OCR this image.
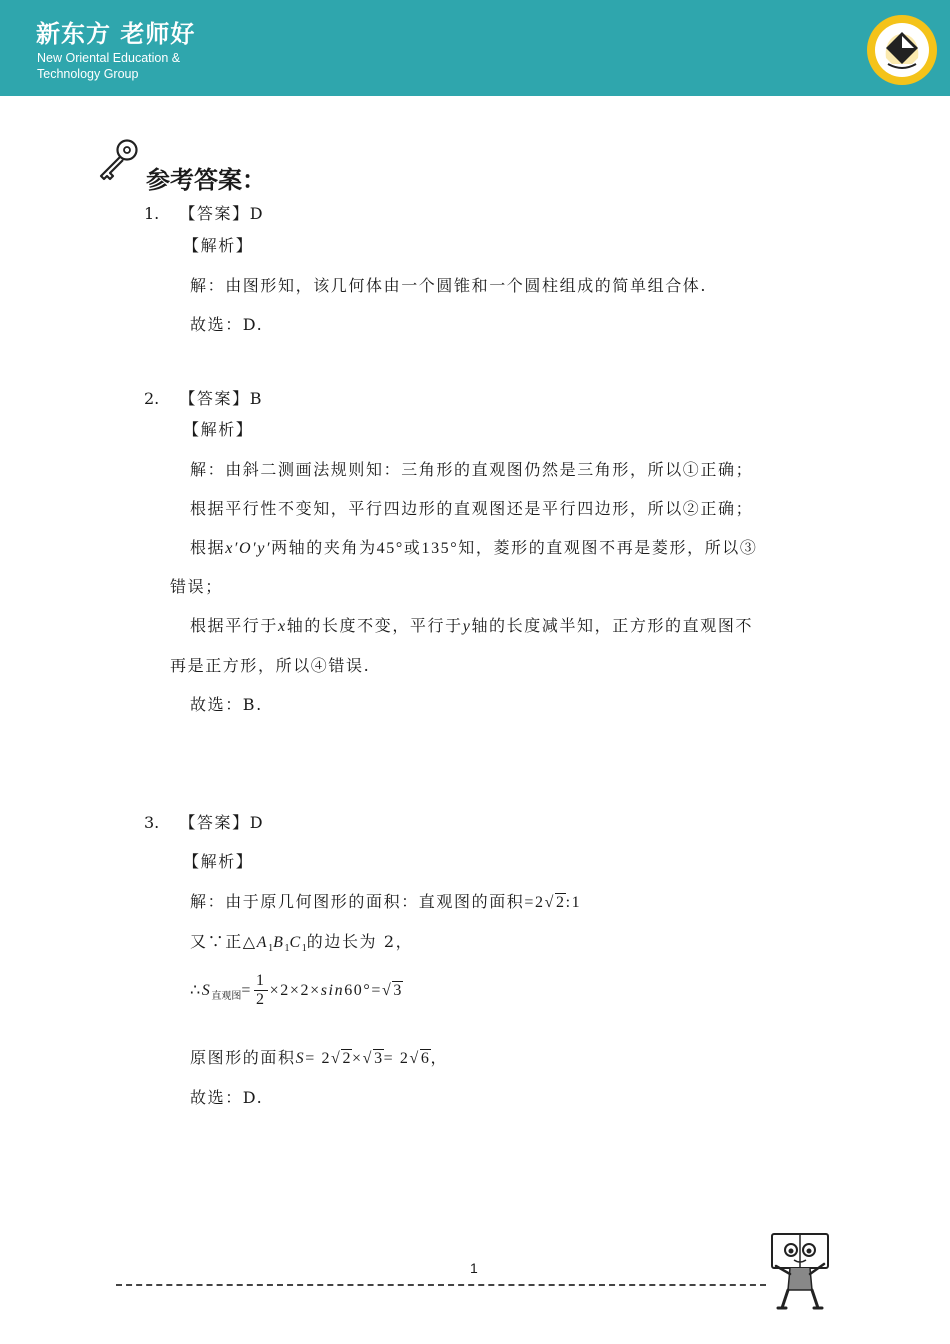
新东方 老师好
New Oriental Education &
Technology Group
参考答案：
1. 【答案】D
【解析】
解：由图形知，该几何体由一个圆锥和一个圆柱组成的简单组合体.
故选：D.
2. 【答案】B
【解析】
解：由斜二测画法规则知：三角形的直观图仍然是三角形，所以①正确；
根据平行性不变知，平行四边形的直观图还是平行四边形，所以②正确；
根据x′O′y′两轴的夹角为45°或135°知，菱形的直观图不再是菱形，所以③
错误；
根据平行于x轴的长度不变，平行于y轴的长度减半知，正方形的直观图不
再是正方形，所以④错误.
故选：B.
3. 【答案】D
【解析】
解：由于原几何图形的面积：直观图的面积=2√2:1
又∵正$\triangle A_1B_1C_1$的边长为 2，
$\therefore S_{直观图}= \frac{1}{2} \times 2\times 2\times\sin 60^\circ=√3$
原图形的面积S= 2√2×√3= 2√6，
故选：D.
1
